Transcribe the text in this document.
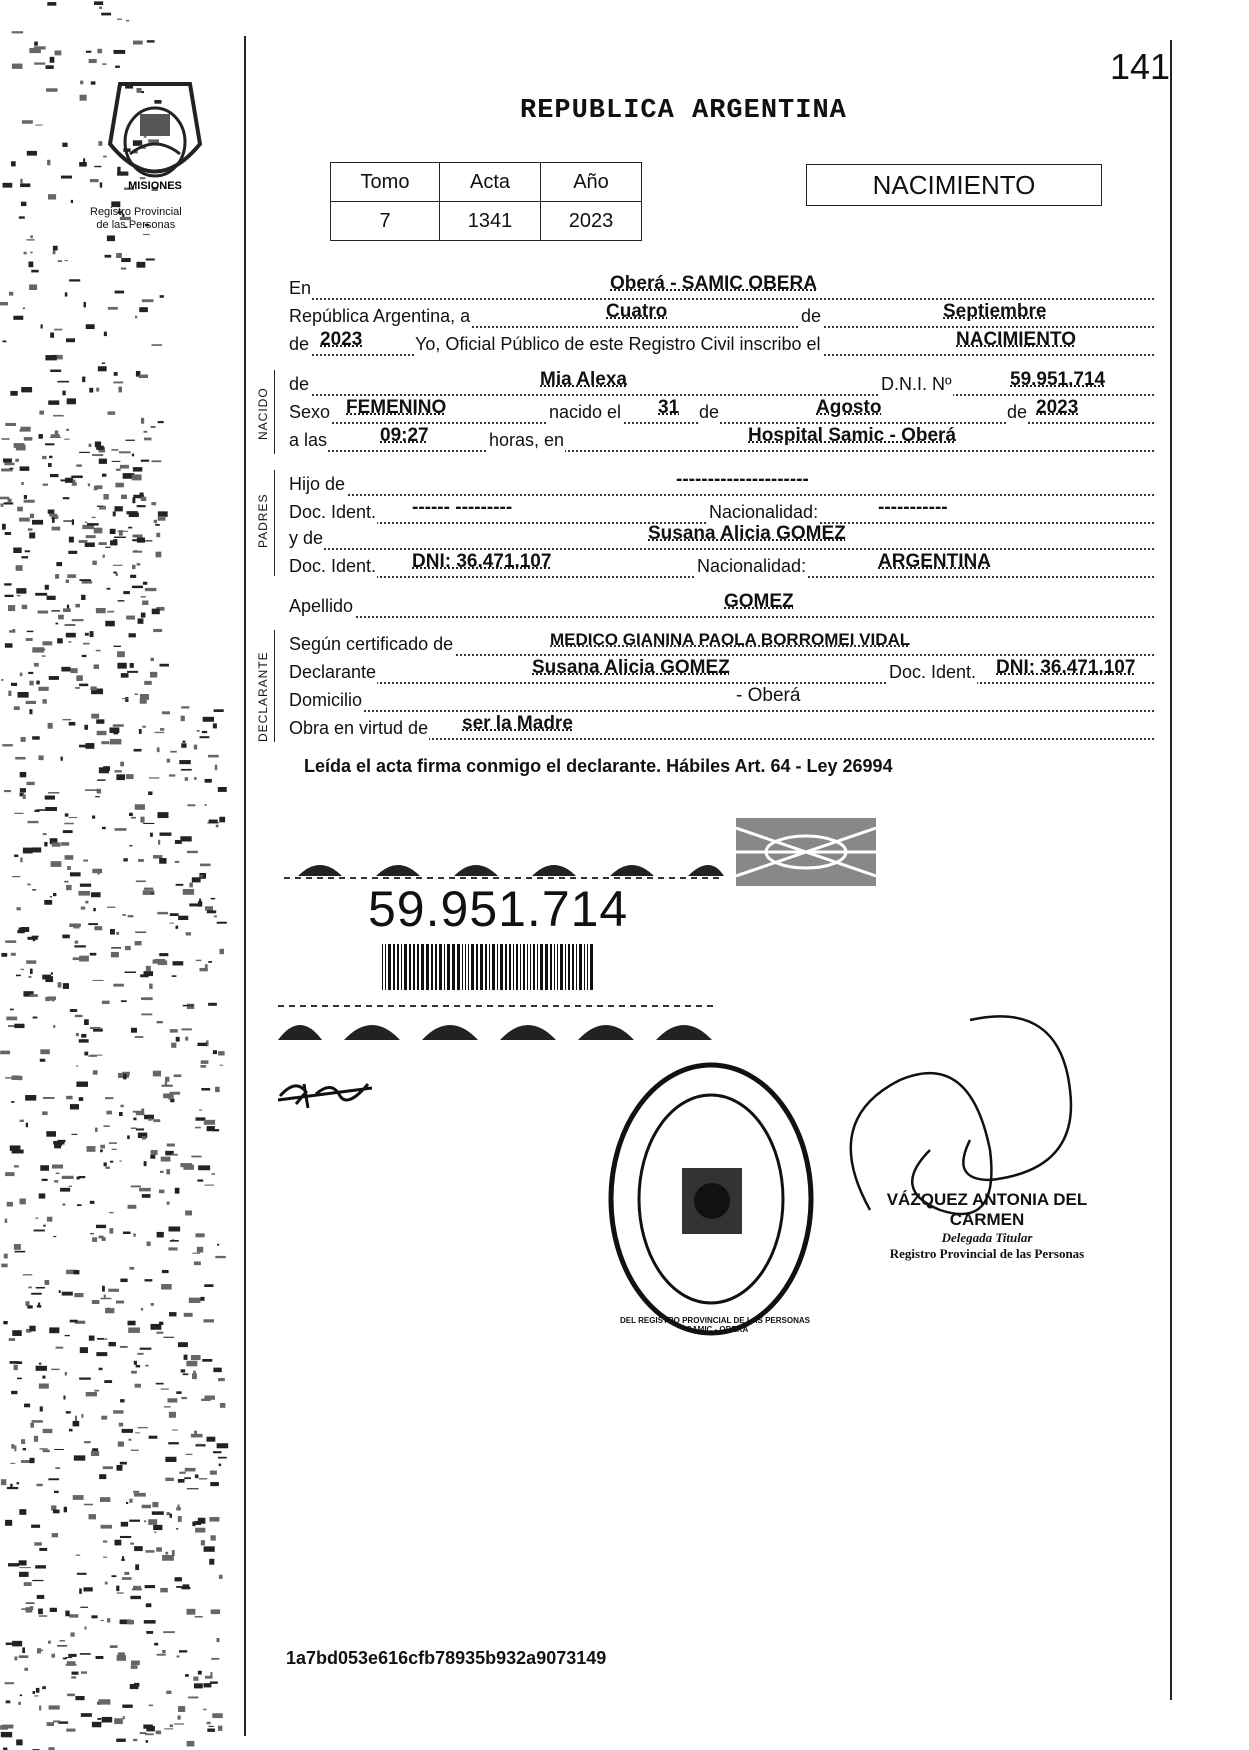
MISIONES
Registro Provincial
de las Personas
141
REPUBLICA ARGENTINA
Tomo	Acta	Año
7	1341	2023
NACIMIENTO
En	Oberá - SAMIC OBERA
República Argentina, a	Cuatro	de	Septiembre
de 2023	Yo, Oficial Público de este Registro Civil inscribo el	NACIMIENTO
de	Mia Alexa	D.N.I. Nº	59.951.714
Sexo FEMENINO	nacido el 31 de	Agosto	de 2023
a las	09:27	horas, en	Hospital Samic - Oberá
Hijo de	---------------------
Doc. Ident. ------ ---------	Nacionalidad:	-----------
y de	Susana Alicia GOMEZ
Doc. Ident. DNI: 36.471.107	Nacionalidad:	ARGENTINA
Apellido	GOMEZ
Según certificado de	MEDICO GIANINA PAOLA BORROMEI VIDAL
Declarante	Susana Alicia GOMEZ	Doc. Ident. DNI: 36.471.107
Domicilio	- Oberá
Obra en virtud de ser la Madre
NACIDO
PADRES
DECLARANTE
Leída el acta firma conmigo el declarante. Hábiles Art. 64 - Ley 26994
59.951.714
DEL REGISTRO PROVINCIAL DE LAS PERSONAS · SAMIC - OBERÁ
VÁZQUEZ ANTONIA DEL CARMEN
Delegada Titular
Registro Provincial de las Personas
1a7bd053e616cfb78935b932a9073149
